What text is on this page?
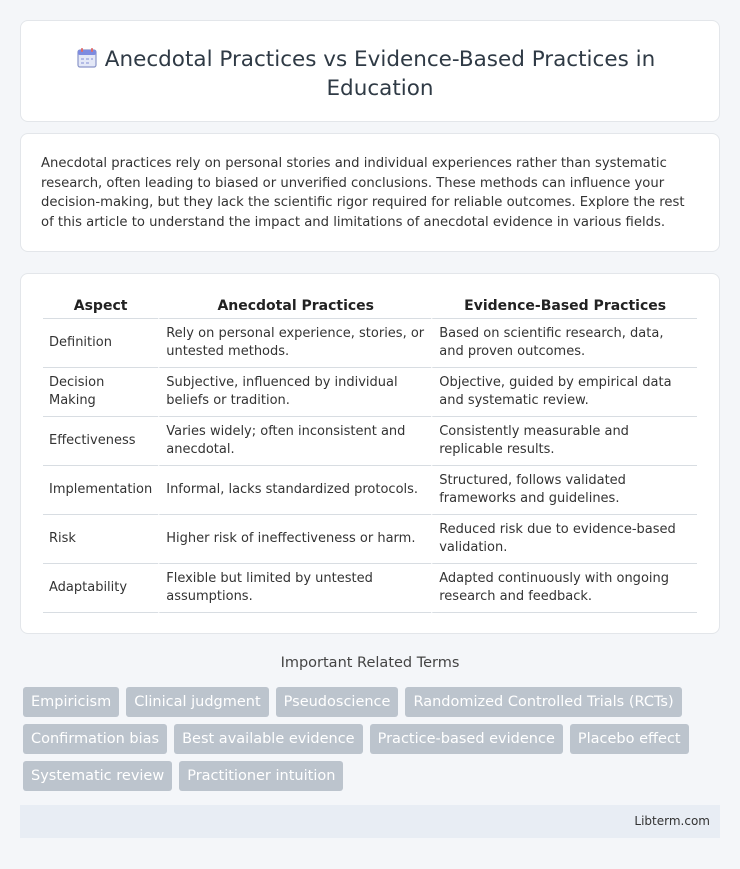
Anecdotal Practices vs Evidence-Based Practices in Education

Anecdotal practices rely on personal stories and individual experiences rather than systematic research, often leading to biased or unverified conclusions. These methods can influence your decision-making, but they lack the scientific rigor required for reliable outcomes. Explore the rest of this article to understand the impact and limitations of anecdotal evidence in various fields.

Aspect	Anecdotal Practices	Evidence-Based Practices
Definition	Rely on personal experience, stories, or untested methods.	Based on scientific research, data, and proven outcomes.
Decision Making	Subjective, influenced by individual beliefs or tradition.	Objective, guided by empirical data and systematic review.
Effectiveness	Varies widely; often inconsistent and anecdotal.	Consistently measurable and replicable results.
Implementation	Informal, lacks standardized protocols.	Structured, follows validated frameworks and guidelines.
Risk	Higher risk of ineffectiveness or harm.	Reduced risk due to evidence-based validation.
Adaptability	Flexible but limited by untested assumptions.	Adapted continuously with ongoing research and feedback.
Important Related Terms
Empiricism	Clinical judgment	Pseudoscience	Randomized Controlled Trials (RCTs)
Confirmation bias	Best available evidence	Practice-based evidence	Placebo effect
Systematic review	Practitioner intuition
Libterm.com
